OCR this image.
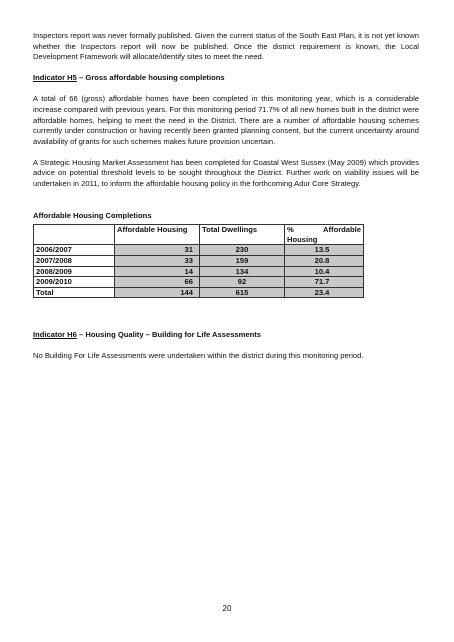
Inspectors report was never formally published. Given the current status of the South East Plan, it is not yet known whether the Inspectors report will now be published. Once the district requirement is known, the Local Development Framework will allocate/identify sites to meet the need.

Indicator H5 – Gross affordable housing completions

A total of 66 (gross) affordable homes have been completed in this monitoring year, which is a considerable increase compared with previous years. For this monitoring period 71.7% of all new homes built in the district were affordable homes, helping to meet the need in the District. There are a number of affordable housing schemes currently under construction or having recently been granted planning consent, but the current uncertainty around availability of grants for such schemes makes future provision uncertain.

A Strategic Housing Market Assessment has been completed for Coastal West Sussex (May 2009) which provides advice on potential threshold levels to be sought throughout the District. Further work on viability issues will be undertaken in 2011, to inform the affordable housing policy in the forthcoming Adur Core Strategy.

Affordable Housing Completions

	Affordable Housing	Total Dwellings	% Affordable
Housing

2006/2007	31	230	13.5
2007/2008	33	159	20.8
2008/2009	14	134	10.4
2009/2010	66	92	71.7
Total	144	615	23.4

Indicator H6 – Housing Quality – Building for Life Assessments

No Building For Life Assessments were undertaken within the district during this monitoring period.

20
